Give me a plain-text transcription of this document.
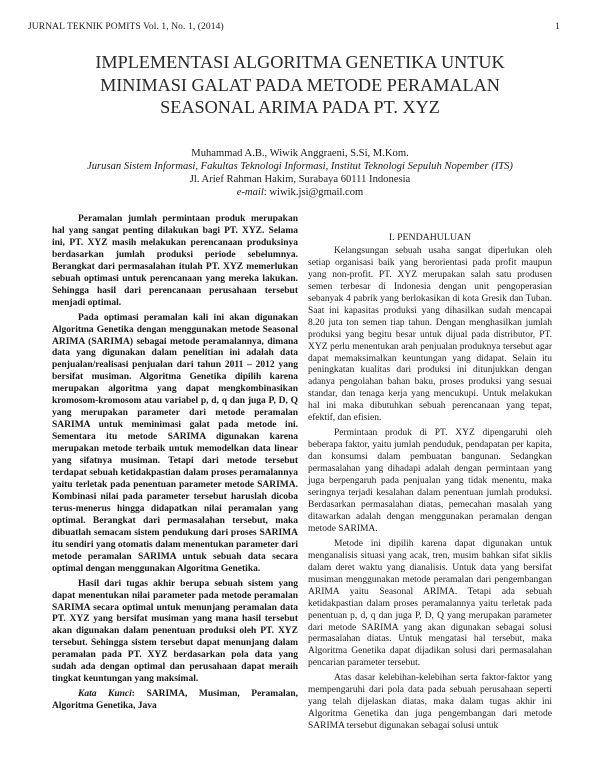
JURNAL TEKNIK POMITS Vol. 1, No. 1, (2014)	1
IMPLEMENTASI ALGORITMA GENETIKA UNTUK
MINIMASI GALAT PADA METODE PERAMALAN
SEASONAL ARIMA PADA PT. XYZ
Muhammad A.B., Wiwik Anggraeni, S.Si, M.Kom.
Jurusan Sistem Informasi, Fakultas Teknologi Informasi, Institut Teknologi Sepuluh Nopember (ITS)
Jl. Arief Rahman Hakim, Surabaya 60111 Indonesia
e-mail: wiwik.jsi@gmail.com

Peramalan jumlah permintaan produk merupakan hal yang sangat penting dilakukan bagi PT. XYZ. Selama ini, PT. XYZ masih melakukan perencanaan produksinya berdasarkan jumlah produksi periode sebelumnya. Berangkat dari permasalahan itulah PT. XYZ memerlukan sebuah optimasi untuk perencanaan yang mereka lakukan. Sehingga hasil dari perencanaan perusahaan tersebut menjadi optimal.

Pada optimasi peramalan kali ini akan digunakan Algoritma Genetika dengan menggunakan metode Seasonal ARIMA (SARIMA) sebagai metode peramalannya, dimana data yang digunakan dalam penelitian ini adalah data penjualan/realisasi penjualan dari tahun 2011 – 2012 yang bersifat musiman. Algoritma Genetika dipilih karena merupakan algoritma yang dapat mengkombinasikan kromosom-kromosom atau variabel p, d, q dan juga P, D, Q yang merupakan parameter dari metode peramalan SARIMA untuk meminimasi galat pada metode ini. Sementara itu metode SARIMA digunakan karena merupakan metode terbaik untuk memodelkan data linear yang sifatnya musiman. Tetapi dari metode tersebut terdapat sebuah ketidakpastian dalam proses peramalannya yaitu terletak pada penentuan parameter metode SARIMA. Kombinasi nilai pada parameter tersebut haruslah dicoba terus-menerus hingga didapatkan nilai peramalan yang optimal. Berangkat dari permasalahan tersebut, maka dibuatlah semacam sistem pendukung dari proses SARIMA itu sendiri yang otomatis dalam menentukan parameter dari metode peramalan SARIMA untuk sebuah data secara optimal dengan menggunakan Algoritma Genetika.

Hasil dari tugas akhir berupa sebuah sistem yang dapat menentukan nilai parameter pada metode peramalan SARIMA secara optimal untuk menunjang peramalan data PT. XYZ yang bersifat musiman yang mana hasil tersebut akan digunakan dalam penentuan produksi oleh PT. XYZ tersebut. Sehingga sistem tersebut dapat menunjang dalam peramalan pada PT. XYZ berdasarkan pola data yang sudah ada dengan optimal dan perusahaan dapat meraih tingkat keuntungan yang maksimal.

Kata Kunci: SARIMA, Musiman, Peramalan, Algoritma Genetika, Java

I. PENDAHULUAN

Kelangsungan sebuah usaha sangat diperlukan oleh setiap organisasi baik yang berorientasi pada profit maupun yang non-profit. PT. XYZ merupakan salah satu produsen semen terbesar di Indonesia dengan unit pengoperasian sebanyak 4 pabrik yang berlokasikan di kota Gresik dan Tuban. Saat ini kapasitas produksi yang dihasilkan sudah mencapai 8.20 juta ton semen tiap tahun. Dengan menghasilkan jumlah produksi yang begitu besar untuk dijual pada distributor, PT. XYZ perlu menentukan arah penjualan produknya tersebut agar dapat memaksimalkan keuntungan yang didapat. Selain itu peningkatan kualitas dari produksi ini ditunjukkan dengan adanya pengolahan bahan baku, proses produksi yang sesuai standar, dan tenaga kerja yang mencukupi. Untuk melakukan hal ini maka dibutuhkan sebuah perencanaan yang tepat, efektif, dan efisien.

Permintaan produk di PT. XYZ dipengaruhi oleh beberapa faktor, yaitu jumlah penduduk, pendapatan per kapita, dan konsumsi dalam pembuatan bangunan. Sedangkan permasalahan yang dihadapi adalah dengan permintaan yang juga berpengaruh pada penjualan yang tidak menentu, maka seringnya terjadi kesalahan dalam penentuan jumlah produksi. Berdasarkan permasalahan diatas, pemecahan masalah yang ditawarkan adalah dengan menggunakan peramalan dengan metode SARIMA.

Metode ini dipilih karena dapat digunakan untuk menganalisis situasi yang acak, tren, musim bahkan sifat siklis dalam deret waktu yang dianalisis. Untuk data yang bersifat musiman menggunakan metode peramalan dari pengembangan ARIMA yaitu Seasonal ARIMA. Tetapi ada sebuah ketidakpastian dalam proses peramalannya yaitu terletak pada penentuan p, d, q dan juga P, D, Q yang merupakan parameter dari metode SARIMA yang akan digunakan sebagai solusi permasalahan diatas. Untuk mengatasi hal tersebut, maka Algoritma Genetika dapat dijadikan solusi dari permasalahan pencarian parameter tersebut.

Atas dasar kelebihan-kelebihan serta faktor-faktor yang mempengaruhi dari pola data pada sebuah perusahaan seperti yang telah dijelaskan diatas, maka dalam tugas akhir ini Algoritma Genetika dan juga pengembangan dari metode SARIMA tersebut digunakan sebagai solusi untuk
